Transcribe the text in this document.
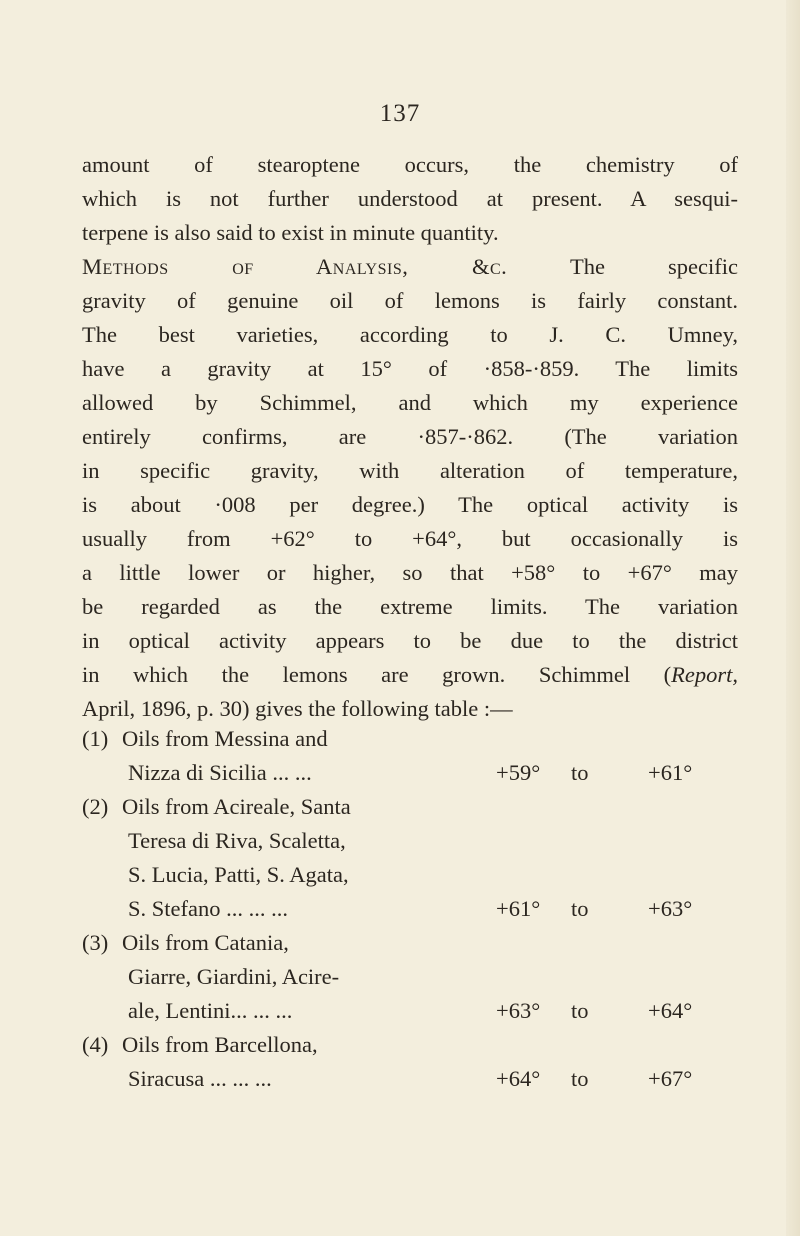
137
amount of stearoptene occurs, the chemistry of
which is not further understood at present. A sesqui-
terpene is also said to exist in minute quantity.
Methods of Analysis, &c.	The specific
gravity of genuine oil of lemons is fairly constant.
The best varieties, according to J. C. Umney,
have a gravity at 15° of ·858-·859. The limits
allowed by Schimmel, and which my experience
entirely confirms, are ·857-·862. (The variation
in specific gravity, with alteration of temperature,
is about ·008 per degree.) The optical activity is
usually from +62° to +64°, but occasionally is
a little lower or higher, so that +58° to +67° may
be regarded as the extreme limits. The variation
in optical activity appears to be due to the district
in which the lemons are grown. Schimmel (Report,
April, 1896, p. 30) gives the following table :—
(1) Oils from Messina and
Nizza di Sicilia ... ...	+59° to	+61°
(2) Oils from Acireale, Santa
Teresa di Riva, Scaletta,
S. Lucia, Patti, S. Agata,
S. Stefano ... ... ...	+61° to	+63°
(3) Oils from Catania,
Giarre, Giardini, Acire-
ale, Lentini... ... ...	+63° to	+64°
(4) Oils from Barcellona,
Siracusa ... ... ...	+64° to	+67°
